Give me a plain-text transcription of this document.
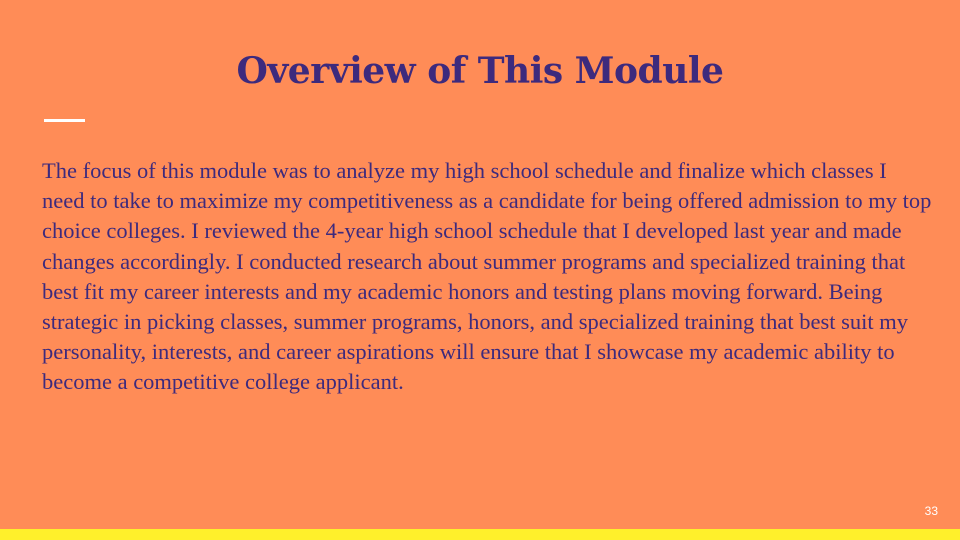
Overview of This Module

The focus of this module was to analyze my high school schedule and finalize which classes I need to take to maximize my competitiveness as a candidate for being offered admission to my top choice colleges. I reviewed the 4-year high school schedule that I developed last year and made changes accordingly. I conducted research about summer programs and specialized training that best fit my career interests and my academic honors and testing plans moving forward. Being strategic in picking classes, summer programs, honors, and specialized training that best suit my personality, interests, and career aspirations will ensure that I showcase my academic ability to become a competitive college applicant.

33
